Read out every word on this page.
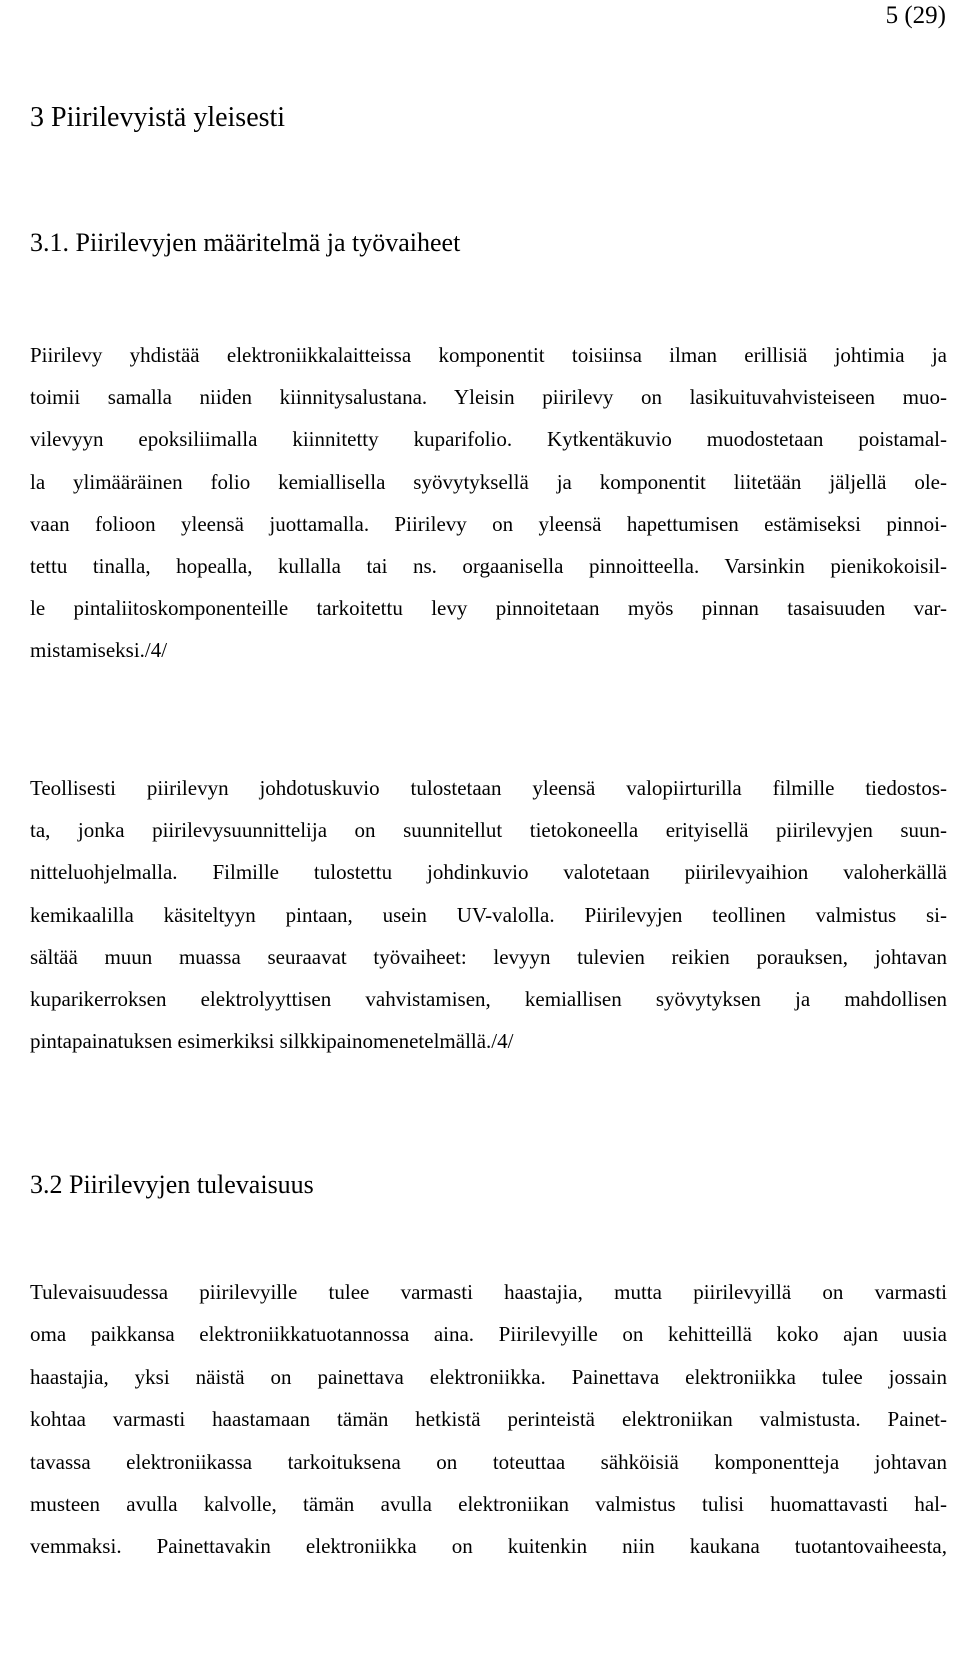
5 (29)
3 Piirilevyistä yleisesti
3.1. Piirilevyjen määritelmä ja työvaiheet
Piirilevy yhdistää elektroniikkalaitteissa komponentit toisiinsa ilman erillisiä johtimia ja
toimii samalla niiden kiinnitysalustana. Yleisin piirilevy on lasikuituvahvisteiseen muo-
vilevyyn epoksiliimalla kiinnitetty kuparifolio. Kytkentäkuvio muodostetaan poistamal-
la ylimääräinen folio kemiallisella syövytyksellä ja komponentit liitetään jäljellä ole-
vaan folioon yleensä juottamalla. Piirilevy on yleensä hapettumisen estämiseksi pinnoi-
tettu tinalla, hopealla, kullalla tai ns. orgaanisella pinnoitteella. Varsinkin pienikokoisil-
le pintaliitoskomponenteille tarkoitettu levy pinnoitetaan myös pinnan tasaisuuden var-
mistamiseksi./4/
Teollisesti piirilevyn johdotuskuvio tulostetaan yleensä valopiirturilla filmille tiedostos-
ta, jonka piirilevysuunnittelija on suunnitellut tietokoneella erityisellä piirilevyjen suun-
nitteluohjelmalla. Filmille tulostettu johdinkuvio valotetaan piirilevyaihion valoherkällä
kemikaalilla käsiteltyyn pintaan, usein UV-valolla. Piirilevyjen teollinen valmistus si-
sältää muun muassa seuraavat työvaiheet: levyyn tulevien reikien porauksen, johtavan
kuparikerroksen elektrolyyttisen vahvistamisen, kemiallisen syövytyksen ja mahdollisen
pintapainatuksen esimerkiksi silkkipainomenetelmällä./4/
3.2 Piirilevyjen tulevaisuus
Tulevaisuudessa piirilevyille tulee varmasti haastajia, mutta piirilevyillä on varmasti
oma paikkansa elektroniikkatuotannossa aina. Piirilevyille on kehitteillä koko ajan uusia
haastajia, yksi näistä on painettava elektroniikka. Painettava elektroniikka tulee jossain
kohtaa varmasti haastamaan tämän hetkistä perinteistä elektroniikan valmistusta. Painet-
tavassa elektroniikassa tarkoituksena on toteuttaa sähköisiä komponentteja johtavan
musteen avulla kalvolle, tämän avulla elektroniikan valmistus tulisi huomattavasti hal-
vemmaksi. Painettavakin elektroniikka on kuitenkin niin kaukana tuotantovaiheesta,
